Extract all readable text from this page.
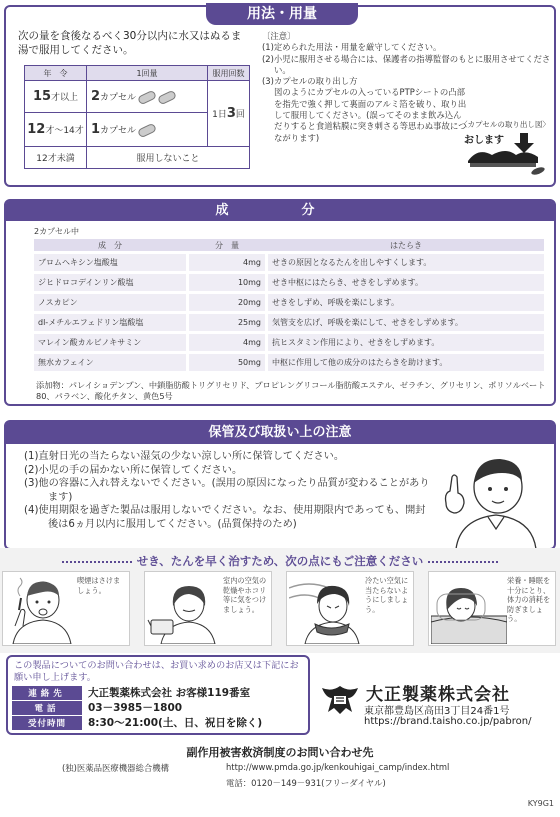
用法・用量
次の量を食後なるべく30分以内に水又はぬるま湯で服用してください。
年　令	1回量	服用回数
15才以上	2カプセル	1日3回
12才～14才	1カプセル	
12才未満	服用しないこと	
〔注意〕
(1)定められた用法・用量を厳守してください。
(2)小児に服用させる場合には、保護者の指導監督のもとに服用させてください。
(3)カプセルの取り出し方
図のようにカプセルの入っているPTPシートの凸部を指先で強く押して裏面のアルミ箔を破り、取り出して服用してください。(誤ってそのまま飲み込んだりすると食道粘膜に突き刺さる等思わぬ事故につながります)
〈カプセルの取り出し図〉
おします
成　分
2カプセル中
成　分	分　量	はたらき
ブロムヘキシン塩酸塩	4mg	せきの原因となるたんを出しやすくします。
ジヒドロコデインリン酸塩	10mg	せき中枢にはたらき、せきをしずめます。
ノスカピン	20mg	せきをしずめ、呼吸を楽にします。
dl-メチルエフェドリン塩酸塩	25mg	気管支を広げ、呼吸を楽にして、せきをしずめます。
マレイン酸カルビノキサミン	4mg	抗ヒスタミン作用により、せきをしずめます。
無水カフェイン	50mg	中枢に作用して他の成分のはたらきを助けます。
添加物：パレイショデンプン、中鎖脂肪酸トリグリセリド、プロピレングリコール脂肪酸エステル、ゼラチン、グリセリン、ポリソルベート80、パラベン、酸化チタン、黄色5号
保管及び取扱い上の注意
(1)直射日光の当たらない湿気の少ない涼しい所に保管してください。
(2)小児の手の届かない所に保管してください。
(3)他の容器に入れ替えないでください。(誤用の原因になったり品質が変わることがあります)
(4)使用期限を過ぎた製品は服用しないでください。なお、使用期限内であっても、開封後は6ヵ月以内に服用してください。(品質保持のため)
せき、たんを早く治すため、次の点にもご注意ください
喫煙はさけましょう。
室内の空気の乾燥やホコリ等に気をつけましょう。
冷たい空気に当たらないようにしましょう。
栄養・睡眠を十分にとり、体力の消耗を防ぎましょう。
この製品についてのお問い合わせは、お買い求めのお店又は下記にお願い申し上げます。
連絡先 大正製薬株式会社 お客様119番室
電話	03－3985－1800
受付時間 8:30～21:00(土、日、祝日を除く)
大正製薬株式会社
東京都豊島区高田3丁目24番1号
https://brand.taisho.co.jp/pabron/
副作用被害救済制度のお問い合わせ先
(独)医薬品医療機器総合機構	http://www.pmda.go.jp/kenkouhigai_camp/index.html
電話：0120－149－931(フリーダイヤル)
KY9G1
